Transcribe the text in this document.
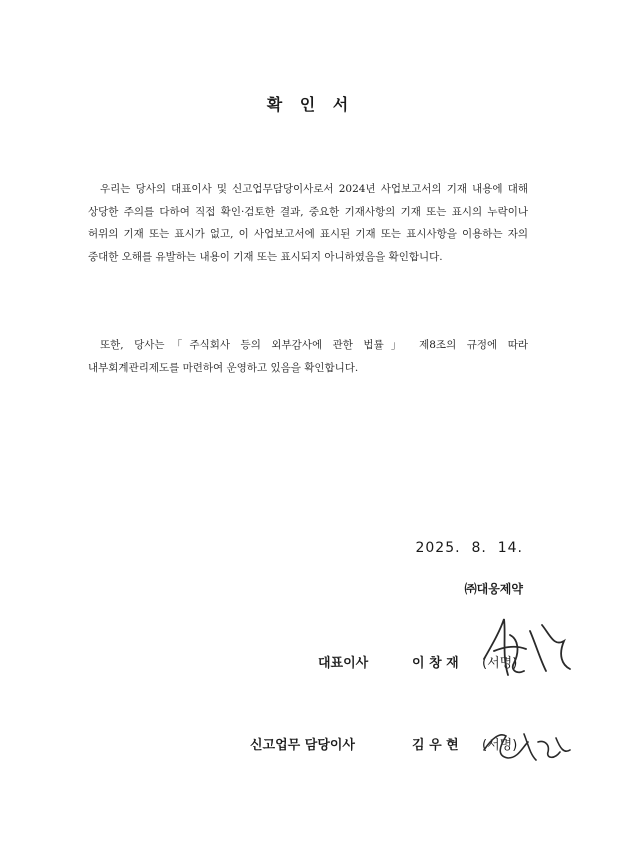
확 인 서
우리는 당사의 대표이사 및 신고업무담당이사로서 2024년 사업보고서의 기재 내용에 대해 상당한 주의를 다하여 직접 확인·검토한 결과, 중요한 기재사항의 기재 또는 표시의 누락이나 허위의 기재 또는 표시가 없고, 이 사업보고서에 표시된 기재 또는 표시사항을 이용하는 자의 중대한 오해를 유발하는 내용이 기재 또는 표시되지 아니하였음을 확인합니다.
또한, 당사는「주식회사 등의 외부감사에 관한 법률」 제8조의 규정에 따라 내부회계관리제도를 마련하여 운영하고 있음을 확인합니다.
2025.  8.  14.
㈜대웅제약
대표이사	이 창 재 (서명)
신고업무 담당이사	김 우 현 (서명)
